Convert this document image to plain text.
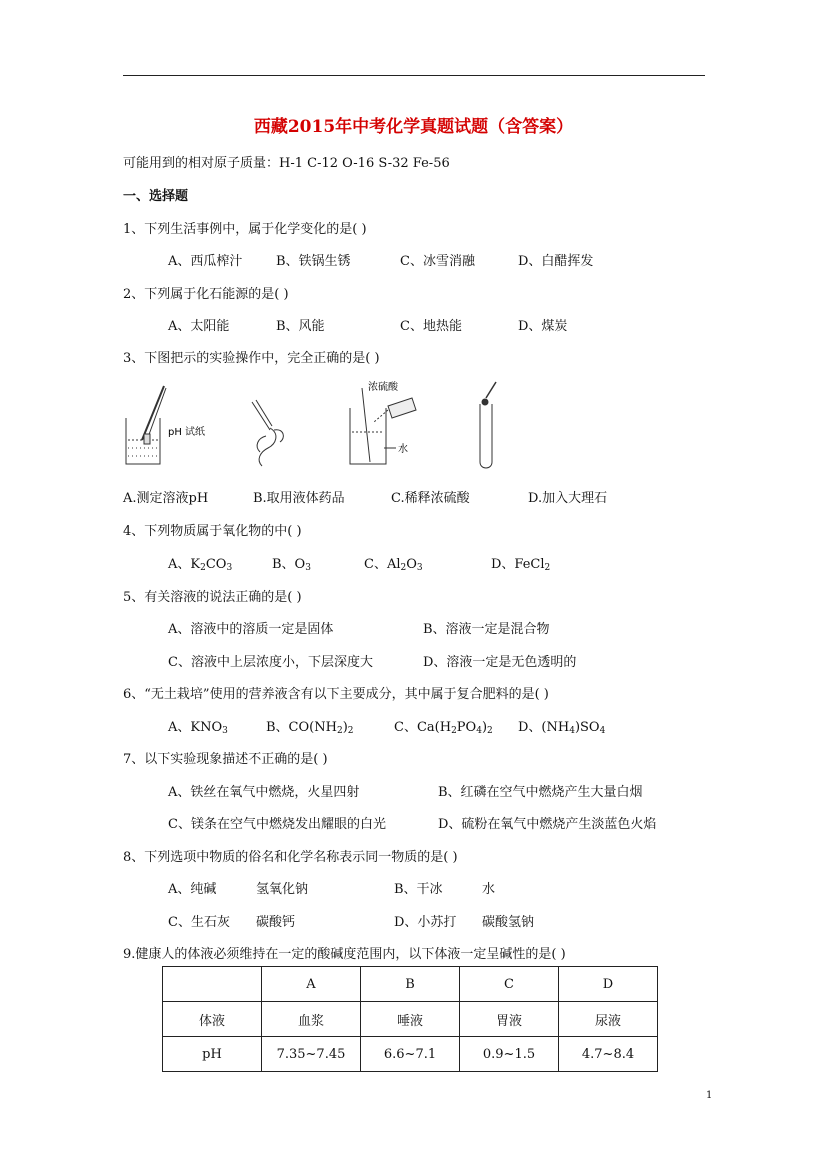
西藏2015年中考化学真题试题（含答案）
可能用到的相对原子质量：H-1 C-12 O-16 S-32 Fe-56
一、选择题
1、下列生活事例中，属于化学变化的是( )
A、西瓜榨汁	B、铁锅生锈	C、冰雪消融	D、白醋挥发
2、下列属于化石能源的是( )
A、太阳能	B、风能	C、地热能	D、煤炭
3、下图把示的实验操作中，完全正确的是( )
pH 试纸
浓硫酸
水
A.测定溶液pH	B.取用液体药品	C.稀释浓硫酸	D.加入大理石
4、下列物质属于氧化物的中( )
A、$K_2CO_3$	B、$O_3$	C、$Al_2O_3$	D、FeCl$_2$
5、有关溶液的说法正确的是( )
A、溶液中的溶质一定是固体	B、溶液一定是混合物
C、溶液中上层浓度小，下层深度大	D、溶液一定是无色透明的
6、“无土栽培”使用的营养液含有以下主要成分，其中属于复合肥料的是( )
A、$KNO_3$	B、$CO(NH_2)_2$	C、$Ca(H_2PO_4)_2$ D、$(NH_4)SO_4$
7、以下实验现象描述不正确的是( )
A、铁丝在氧气中燃烧，火星四射	B、红磷在空气中燃烧产生大量白烟
C、镁条在空气中燃烧发出耀眼的白光	D、硫粉在氧气中燃烧产生淡蓝色火焰
8、下列选项中物质的俗名和化学名称表示同一物质的是( )
A、纯碱	氢氧化钠	B、干冰	水
C、生石灰 碳酸钙	D、小苏打 碳酸氢钠
9.健康人的体液必须维持在一定的酸碱度范围内，以下体液一定呈碱性的是( )
	A	B	C	D
体液	血浆	唾液	胃液	尿液
pH	7.35~7.45	6.6~7.1	0.9~1.5	4.7~8.4
1
